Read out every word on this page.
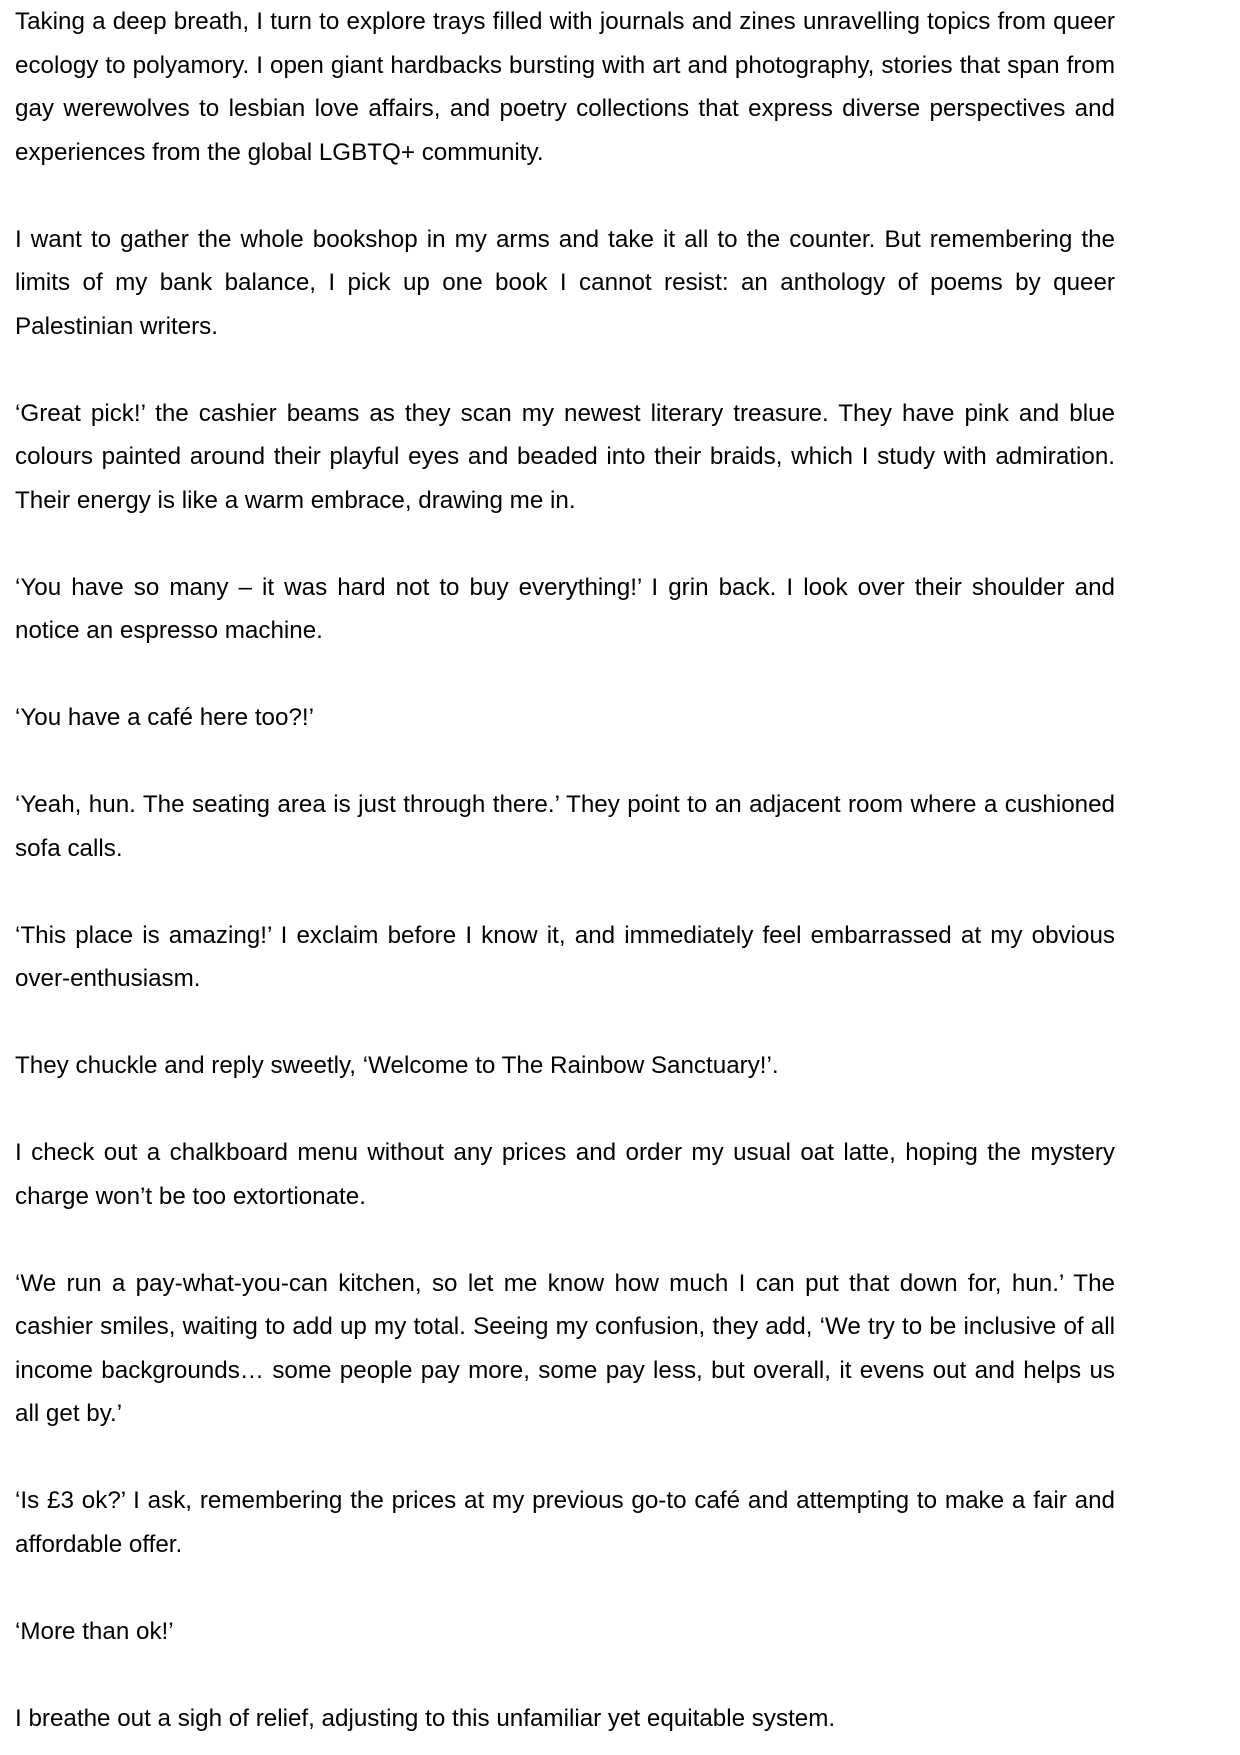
Taking a deep breath, I turn to explore trays filled with journals and zines unravelling topics from queer ecology to polyamory. I open giant hardbacks bursting with art and photography, stories that span from gay werewolves to lesbian love affairs, and poetry collections that express diverse perspectives and experiences from the global LGBTQ+ community.

I want to gather the whole bookshop in my arms and take it all to the counter. But remembering the limits of my bank balance, I pick up one book I cannot resist: an anthology of poems by queer Palestinian writers.

‘Great pick!’ the cashier beams as they scan my newest literary treasure. They have pink and blue colours painted around their playful eyes and beaded into their braids, which I study with admiration. Their energy is like a warm embrace, drawing me in.

‘You have so many – it was hard not to buy everything!’ I grin back. I look over their shoulder and notice an espresso machine.

‘You have a café here too?!’

‘Yeah, hun. The seating area is just through there.’ They point to an adjacent room where a cushioned sofa calls.

‘This place is amazing!’ I exclaim before I know it, and immediately feel embarrassed at my obvious over-enthusiasm.

They chuckle and reply sweetly, ‘Welcome to The Rainbow Sanctuary!’.

I check out a chalkboard menu without any prices and order my usual oat latte, hoping the mystery charge won’t be too extortionate.

‘We run a pay-what-you-can kitchen, so let me know how much I can put that down for, hun.’ The cashier smiles, waiting to add up my total. Seeing my confusion, they add, ‘We try to be inclusive of all income backgrounds… some people pay more, some pay less, but overall, it evens out and helps us all get by.’

‘Is £3 ok?’ I ask, remembering the prices at my previous go-to café and attempting to make a fair and affordable offer.

‘More than ok!’

I breathe out a sigh of relief, adjusting to this unfamiliar yet equitable system.
